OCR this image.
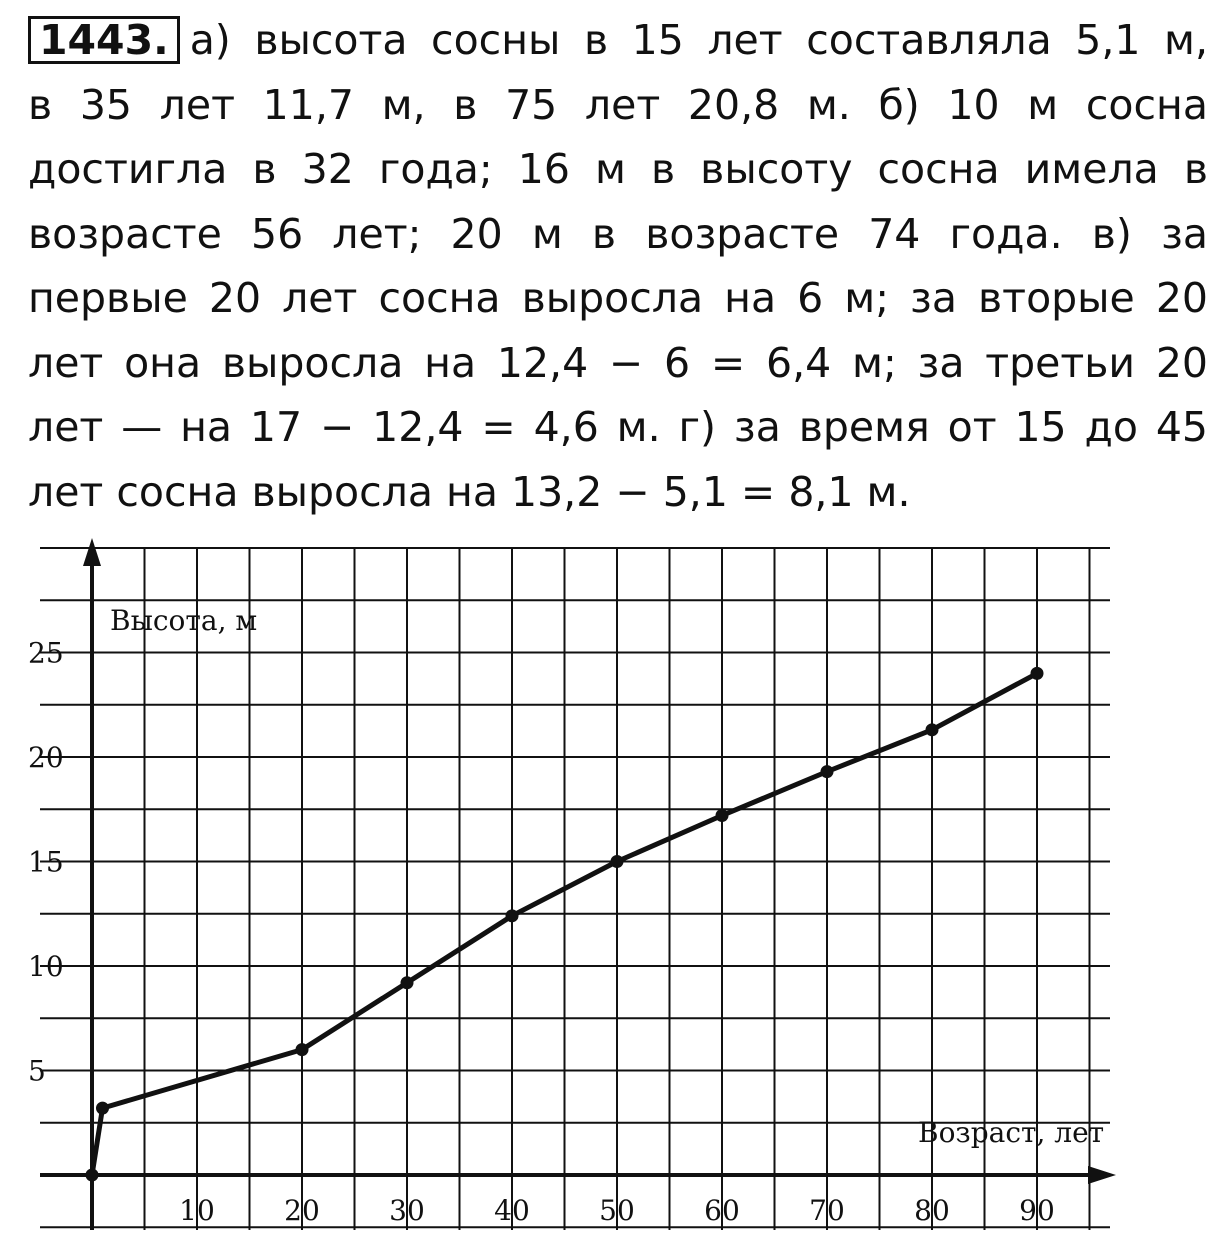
1443. а) высота сосны в 15 лет составляла 5,1 м,
в 35 лет 11,7 м, в 75 лет 20,8 м. б) 10 м сосна
достигла в 32 года; 16 м в высоту сосна имела в
возрасте 56 лет; 20 м в возрасте 74 года. в) за
первые 20 лет сосна выросла на 6 м; за вторые 20
лет она выросла на 12,4 − 6 = 6,4 м; за третьи 20
лет — на 17 − 12,4 = 4,6 м. г) за время от 15 до 45
лет сосна выросла на 13,2 − 5,1 = 8,1 м.
10 20 30 40 50 60 70 80 90
5
10
15
20
25
Высота, м
Возраст, лет
